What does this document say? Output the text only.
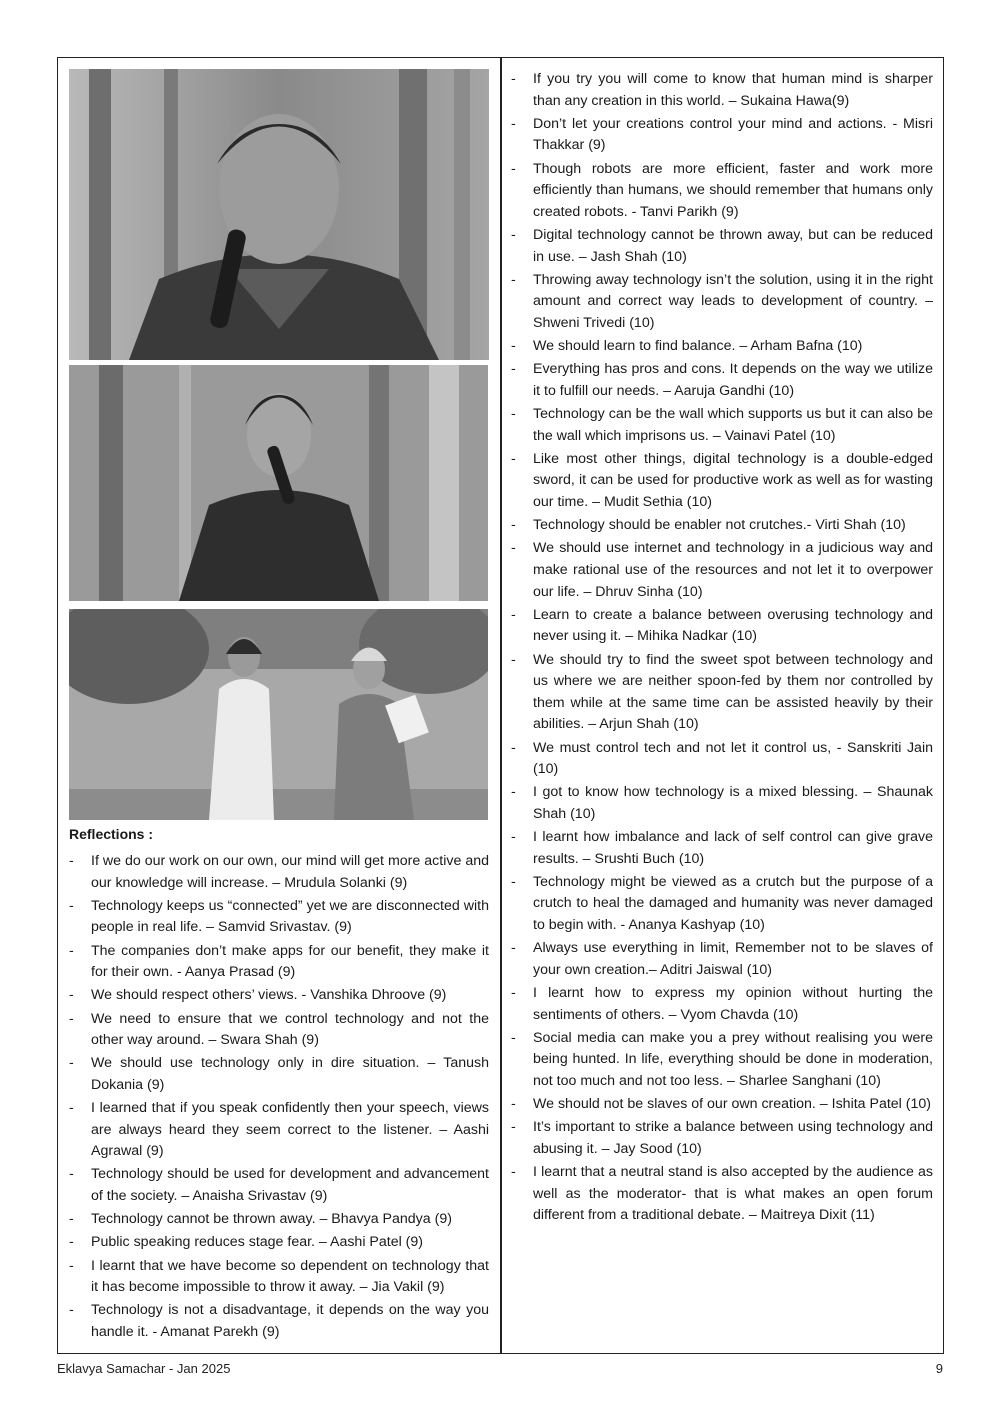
Reflections :
- If we do our work on our own, our mind will get more active and our knowledge will increase. – Mrudula Solanki (9)
- Technology keeps us “connected” yet we are disconnected with people in real life. – Samvid Srivastav. (9)
- The companies don’t make apps for our benefit, they make it for their own. - Aanya Prasad (9)
- We should respect others’ views. - Vanshika Dhroove (9)
- We need to ensure that we control technology and not the other way around. – Swara Shah (9)
- We should use technology only in dire situation. – Tanush Dokania (9)
- I learned that if you speak confidently then your speech, views are always heard they seem correct to the listener. – Aashi Agrawal (9)
- Technology should be used for development and advancement of the society. – Anaisha Srivastav (9)
- Technology cannot be thrown away. – Bhavya Pandya (9)
- Public speaking reduces stage fear. – Aashi Patel (9)
- I learnt that we have become so dependent on technology that it has become impossible to throw it away. – Jia Vakil (9)
- Technology is not a disadvantage, it depends on the way you handle it. - Amanat Parekh (9)
- If you try you will come to know that human mind is sharper than any creation in this world. – Sukaina Hawa(9)
- Don’t let your creations control your mind and actions. - Misri Thakkar (9)
- Though robots are more efficient, faster and work more efficiently than humans, we should remember that humans only created robots. - Tanvi Parikh (9)
- Digital technology cannot be thrown away, but can be reduced in use. – Jash Shah (10)
- Throwing away technology isn’t the solution, using it in the right amount and correct way leads to development of country. – Shweni Trivedi (10)
- We should learn to find balance. – Arham Bafna (10)
- Everything has pros and cons. It depends on the way we utilize it to fulfill our needs. – Aaruja Gandhi (10)
- Technology can be the wall which supports us but it can also be the wall which imprisons us. – Vainavi Patel (10)
- Like most other things, digital technology is a double-edged sword, it can be used for productive work as well as for wasting our time. – Mudit Sethia (10)
- Technology should be enabler not crutches.- Virti Shah (10)
- We should use internet and technology in a judicious way and make rational use of the resources and not let it to overpower our life. – Dhruv Sinha (10)
- Learn to create a balance between overusing technology and never using it. – Mihika Nadkar (10)
- We should try to find the sweet spot between technology and us where we are neither spoon-fed by them nor controlled by them while at the same time can be assisted heavily by their abilities. – Arjun Shah (10)
- We must control tech and not let it control us, - Sanskriti Jain (10)
- I got to know how technology is a mixed blessing. – Shaunak Shah (10)
- I learnt how imbalance and lack of self control can give grave results. – Srushti Buch (10)
- Technology might be viewed as a crutch but the purpose of a crutch to heal the damaged and humanity was never damaged to begin with. - Ananya Kashyap (10)
- Always use everything in limit, Remember not to be slaves of your own creation.– Aditri Jaiswal (10)
- I learnt how to express my opinion without hurting the sentiments of others. – Vyom Chavda (10)
- Social media can make you a prey without realising you were being hunted. In life, everything should be done in moderation, not too much and not too less. – Sharlee Sanghani (10)
- We should not be slaves of our own creation. – Ishita Patel (10)
- It’s important to strike a balance between using technology and abusing it. – Jay Sood (10)
- I learnt that a neutral stand is also accepted by the audience as well as the moderator- that is what makes an open forum different from a traditional debate. – Maitreya Dixit (11)
Eklavya Samachar - Jan 2025	9
